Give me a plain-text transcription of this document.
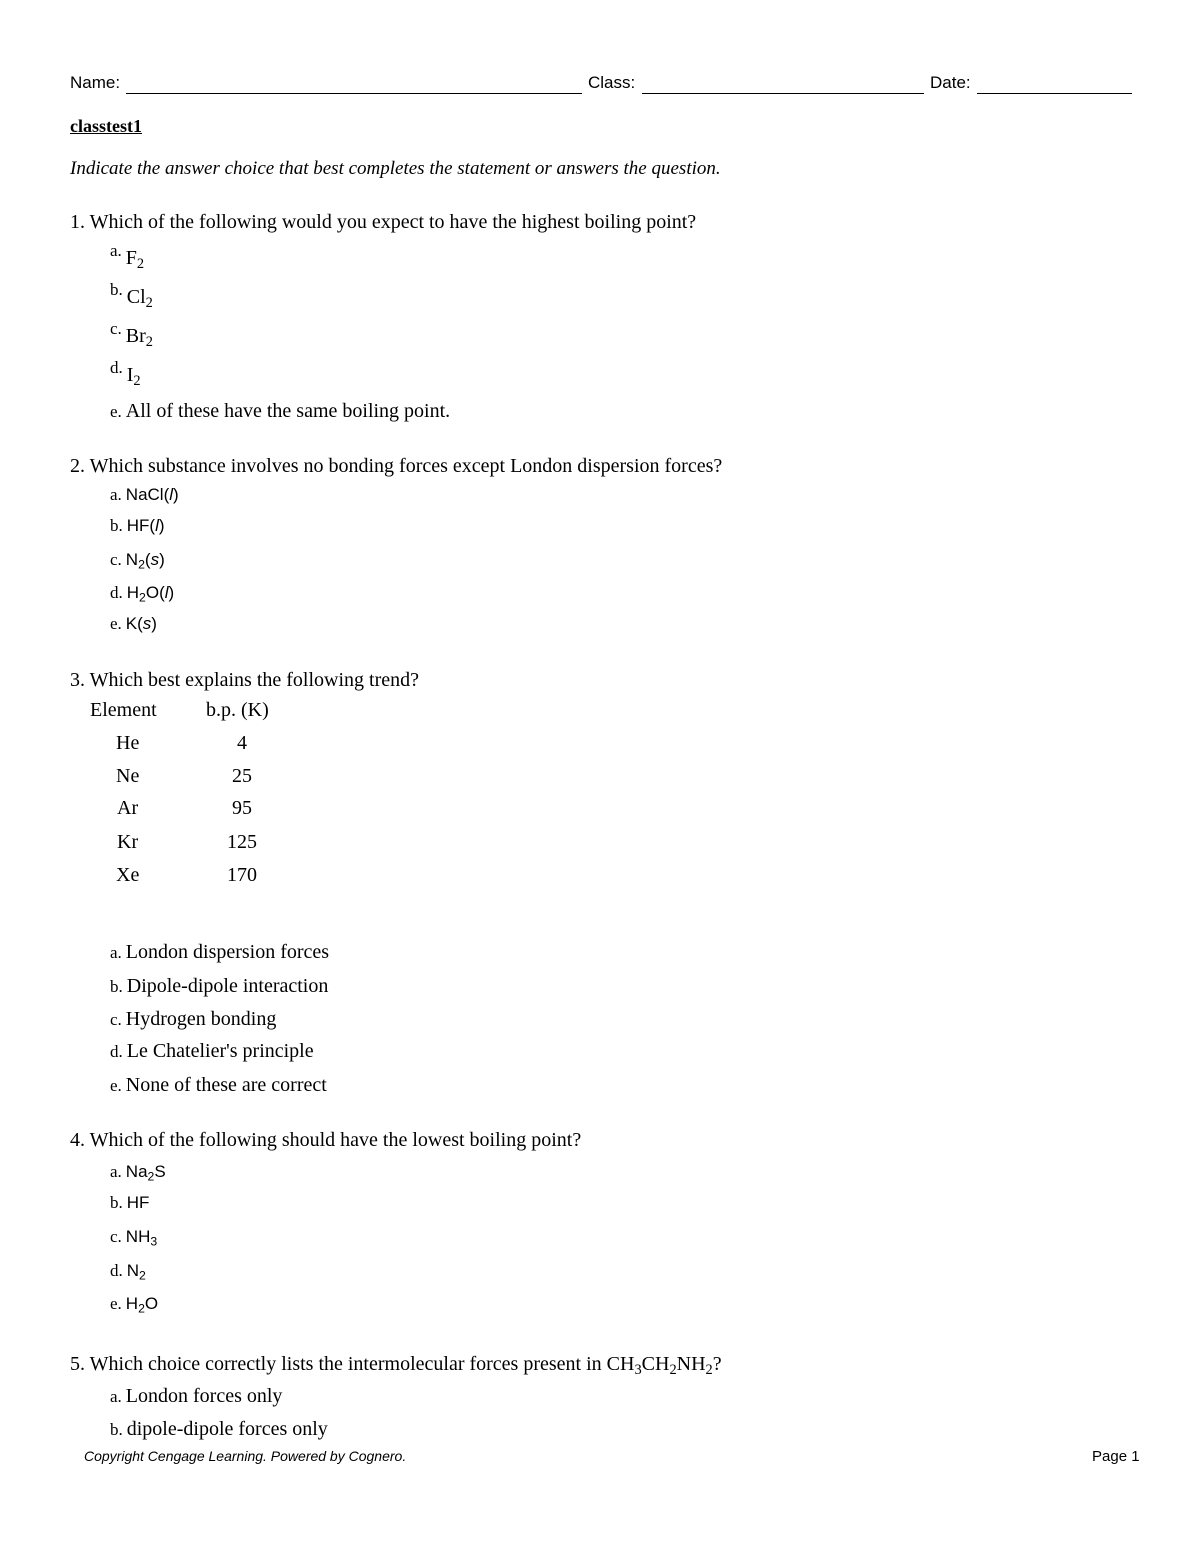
Name:	Class:	Date:
classtest1
Indicate the answer choice that best completes the statement or answers the question.
1. Which of the following would you expect to have the highest boiling point?
$^{a.}$ $F_2$
$^{b.}$ $Cl_2$
$^{c.}$ $Br_2$
$^{d.}$ $I_2$
e. All of these have the same boiling point.
2. Which substance involves no bonding forces except London dispersion forces?
a. NaCl(l)
b. HF(l)
c. $N_2(s)$
d. $H_2O(l)$
e. K(s)
3. Which best explains the following trend?
Element b.p. (K)
He	4
Ne	25
Ar	95
Kr	125
Xe	170
a. London dispersion forces
b. Dipole-dipole interaction
c. Hydrogen bonding
d. Le Chatelier's principle
e. None of these are correct
4. Which of the following should have the lowest boiling point?
a. $Na_2S$
b. HF
c. $NH_3$
d. $N_2$
e. $H_2O$
5. Which choice correctly lists the intermolecular forces present in $CH_3CH_2NH_2$?
a. London forces only
b. dipole-dipole forces only
Copyright Cengage Learning. Powered by Cognero.	Page 1
